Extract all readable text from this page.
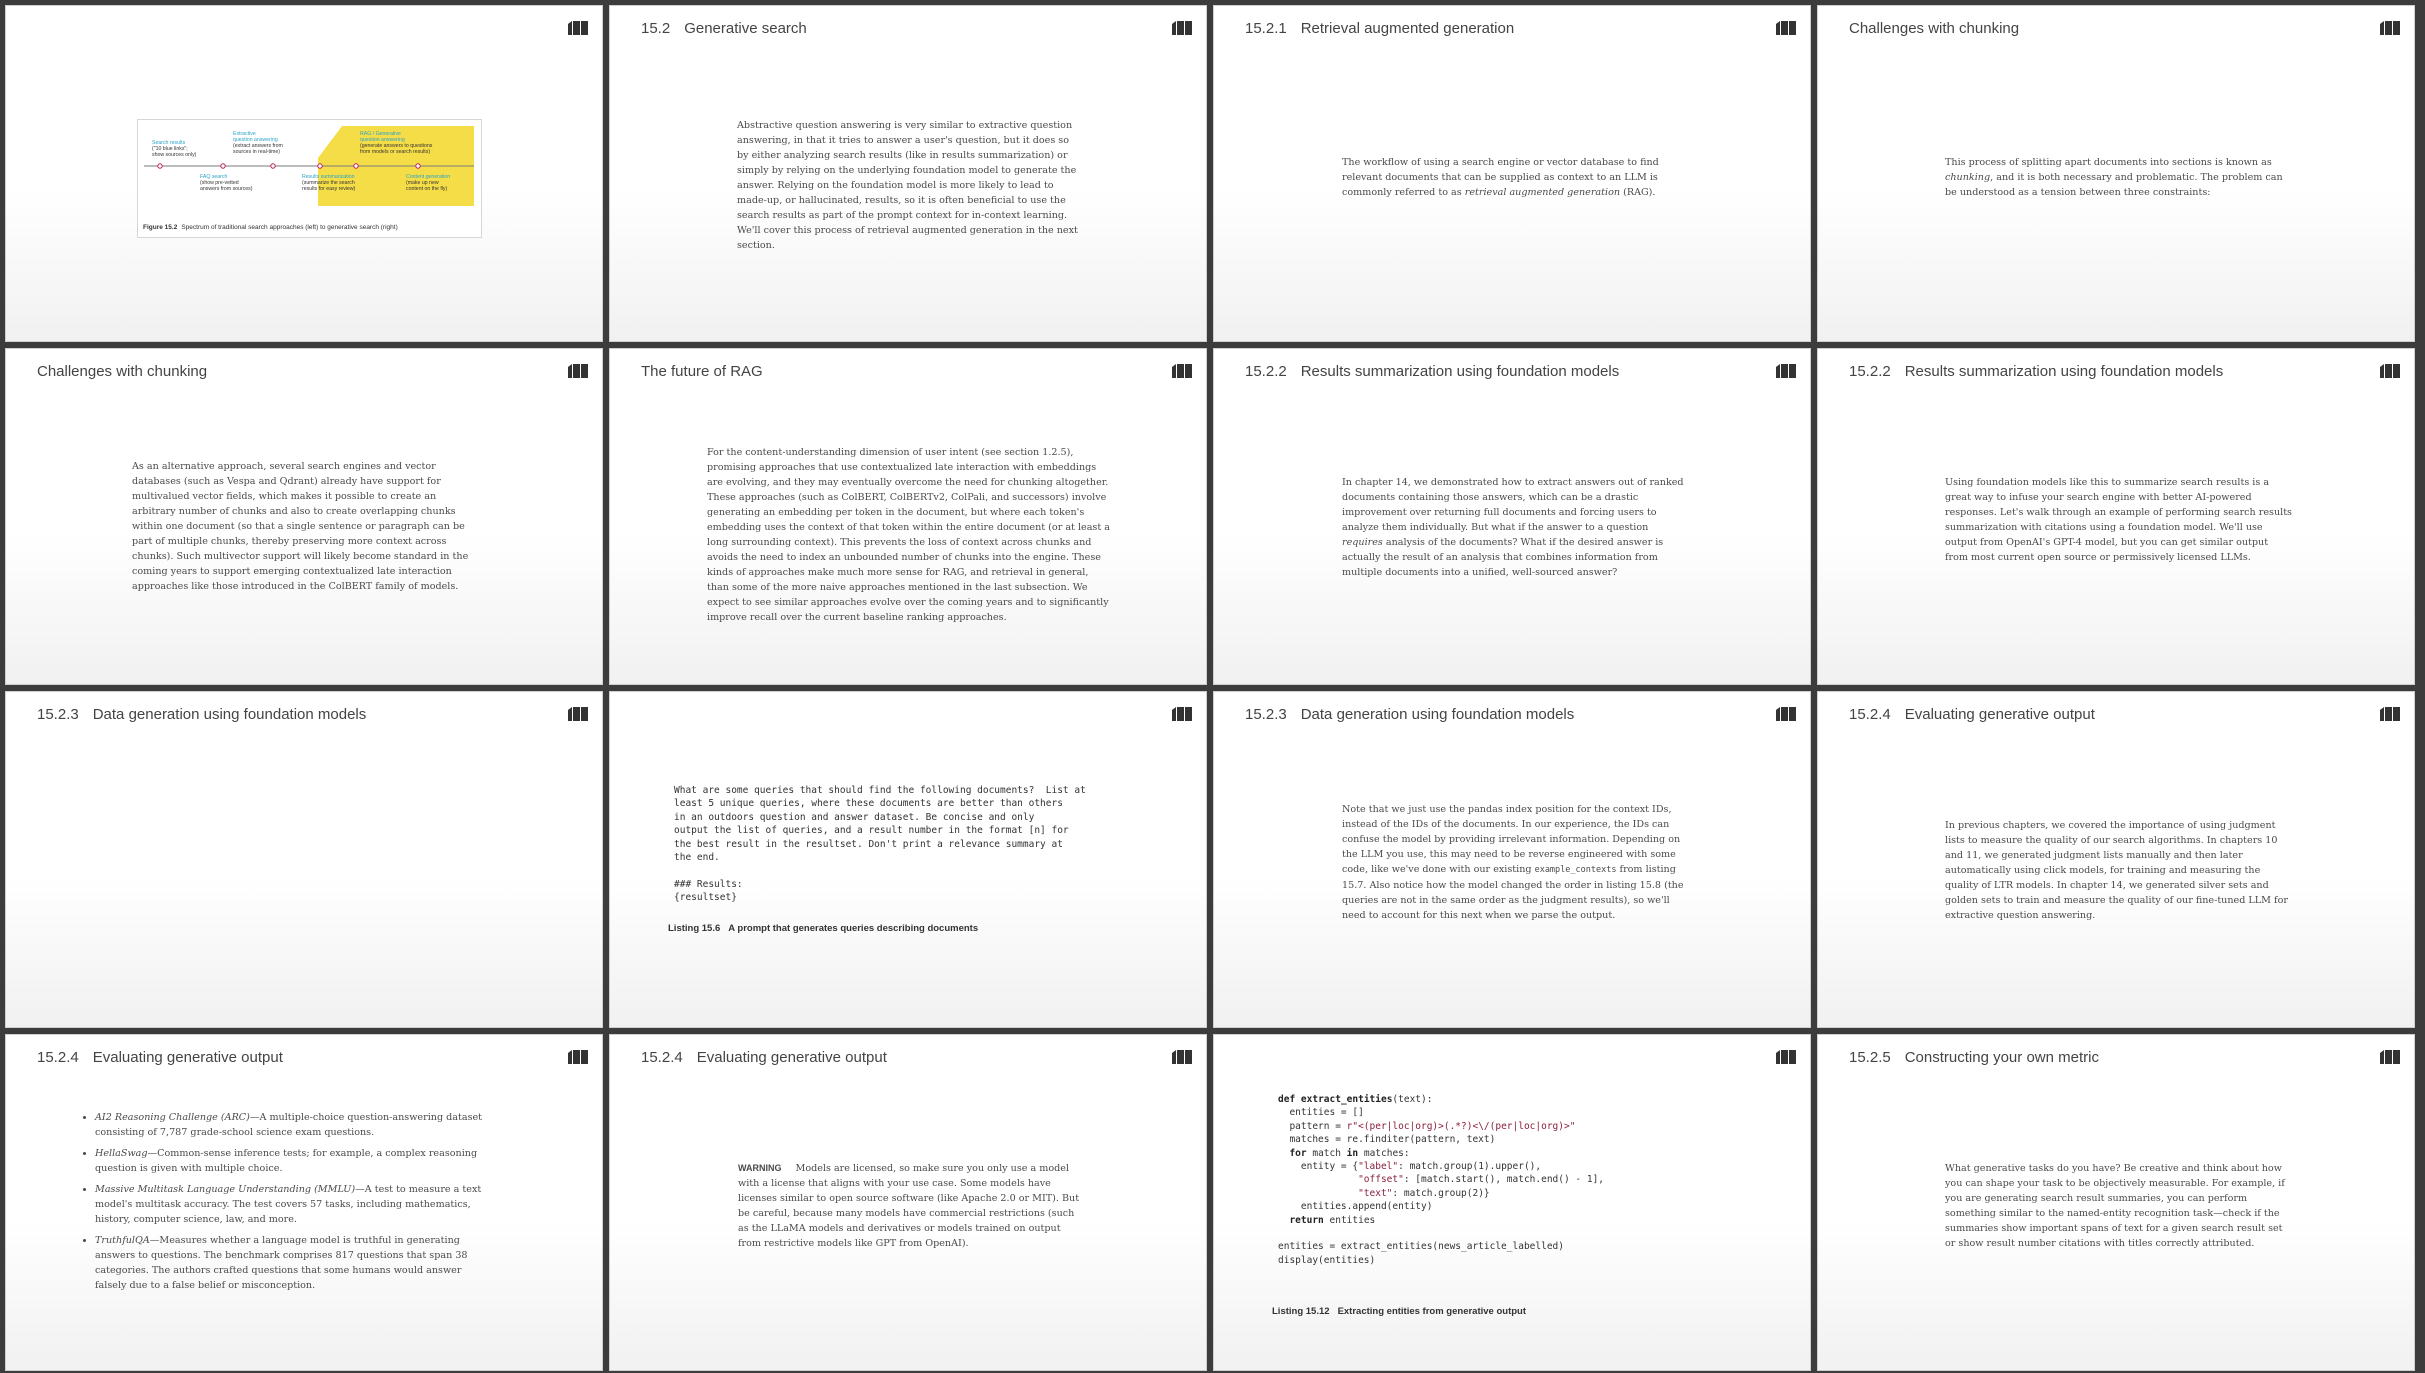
Search results
("10 blue links";
show sources only)
Extractive
question answering
(extract answers from
sources in real-time)
RAG / Generative
question answering
(generate answers to questions
from models or search results)
FAQ search
(show pre-vetted
answers from sources)
Results summarization
(summarize the search
results for easy review)
Content generation
(make up new
content on the fly)
Figure 15.2 Spectrum of traditional search approaches (left) to generative search (right)
15.2 Generative search
Abstractive question answering is very similar to extractive question answering, in that it tries to answer a user's question, but it does so by either analyzing search results (like in results summarization) or simply by relying on the underlying foundation model to generate the answer. Relying on the foundation model is more likely to lead to made-up, or hallucinated, results, so it is often beneficial to use the search results as part of the prompt context for in-context learning. We'll cover this process of retrieval augmented generation in the next section.
15.2.1 Retrieval augmented generation
The workflow of using a search engine or vector database to find relevant documents that can be supplied as context to an LLM is commonly referred to as retrieval augmented generation (RAG).
Challenges with chunking
This process of splitting apart documents into sections is known as chunking, and it is both necessary and problematic. The problem can be understood as a tension between three constraints:
Challenges with chunking
As an alternative approach, several search engines and vector databases (such as Vespa and Qdrant) already have support for multivalued vector fields, which makes it possible to create an arbitrary number of chunks and also to create overlapping chunks within one document (so that a single sentence or paragraph can be part of multiple chunks, thereby preserving more context across chunks). Such multivector support will likely become standard in the coming years to support emerging contextualized late interaction approaches like those introduced in the ColBERT family of models.
The future of RAG
For the content-understanding dimension of user intent (see section 1.2.5), promising approaches that use contextualized late interaction with embeddings are evolving, and they may eventually overcome the need for chunking altogether. These approaches (such as ColBERT, ColBERTv2, ColPali, and successors) involve generating an embedding per token in the document, but where each token's embedding uses the context of that token within the entire document (or at least a long surrounding context). This prevents the loss of context across chunks and avoids the need to index an unbounded number of chunks into the engine. These kinds of approaches make much more sense for RAG, and retrieval in general, than some of the more naive approaches mentioned in the last subsection. We expect to see similar approaches evolve over the coming years and to significantly improve recall over the current baseline ranking approaches.
15.2.2 Results summarization using foundation models
In chapter 14, we demonstrated how to extract answers out of ranked documents containing those answers, which can be a drastic improvement over returning full documents and forcing users to analyze them individually. But what if the answer to a question requires analysis of the documents? What if the desired answer is actually the result of an analysis that combines information from multiple documents into a unified, well-sourced answer?
15.2.2 Results summarization using foundation models
Using foundation models like this to summarize search results is a great way to infuse your search engine with better AI-powered responses. Let's walk through an example of performing search results summarization with citations using a foundation model. We'll use output from OpenAI's GPT-4 model, but you can get similar output from most current open source or permissively licensed LLMs.
15.2.3 Data generation using foundation models
What are some queries that should find the following documents?  List at
least 5 unique queries, where these documents are better than others
in an outdoors question and answer dataset. Be concise and only
output the list of queries, and a result number in the format [n] for
the best result in the resultset. Don't print a relevance summary at
the end.
### Results:
{resultset}
Listing 15.6 A prompt that generates queries describing documents
15.2.3 Data generation using foundation models
Note that we just use the pandas index position for the context IDs, instead of the IDs of the documents. In our experience, the IDs can confuse the model by providing irrelevant information. Depending on the LLM you use, this may need to be reverse engineered with some code, like we've done with our existing example_contexts from listing 15.7. Also notice how the model changed the order in listing 15.8 (the queries are not in the same order as the judgment results), so we'll need to account for this next when we parse the output.
15.2.4 Evaluating generative output
In previous chapters, we covered the importance of using judgment lists to measure the quality of our search algorithms. In chapters 10 and 11, we generated judgment lists manually and then later automatically using click models, for training and measuring the quality of LTR models. In chapter 14, we generated silver sets and golden sets to train and measure the quality of our fine-tuned LLM for extractive question answering.
15.2.4 Evaluating generative output
• AI2 Reasoning Challenge (ARC)—A multiple-choice question-answering dataset consisting of 7,787 grade-school science exam questions.
• HellaSwag—Common-sense inference tests; for example, a complex reasoning question is given with multiple choice.
• Massive Multitask Language Understanding (MMLU)—A test to measure a text model's multitask accuracy. The test covers 57 tasks, including mathematics, history, computer science, law, and more.
• TruthfulQA—Measures whether a language model is truthful in generating answers to questions. The benchmark comprises 817 questions that span 38 categories. The authors crafted questions that some humans would answer falsely due to a false belief or misconception.
15.2.4 Evaluating generative output
WARNING Models are licensed, so make sure you only use a model with a license that aligns with your use case. Some models have licenses similar to open source software (like Apache 2.0 or MIT). But be careful, because many models have commercial restrictions (such as the LLaMA models and derivatives or models trained on output from restrictive models like GPT from OpenAI).
def extract_entities(text):
entities = []
pattern = r"<(per|loc|org)>(.*?)<\/(per|loc|org)>"
matches = re.finditer(pattern, text)
for match in matches:
entity = {"label": match.group(1).upper(),
"offset": [match.start(), match.end() - 1],
"text": match.group(2)}
entities.append(entity)
return entities
entities = extract_entities(news_article_labelled)
display(entities)
Listing 15.12 Extracting entities from generative output
15.2.5 Constructing your own metric
What generative tasks do you have? Be creative and think about how you can shape your task to be objectively measurable. For example, if you are generating search result summaries, you can perform something similar to the named-entity recognition task—check if the summaries show important spans of text for a given search result set or show result number citations with titles correctly attributed.
